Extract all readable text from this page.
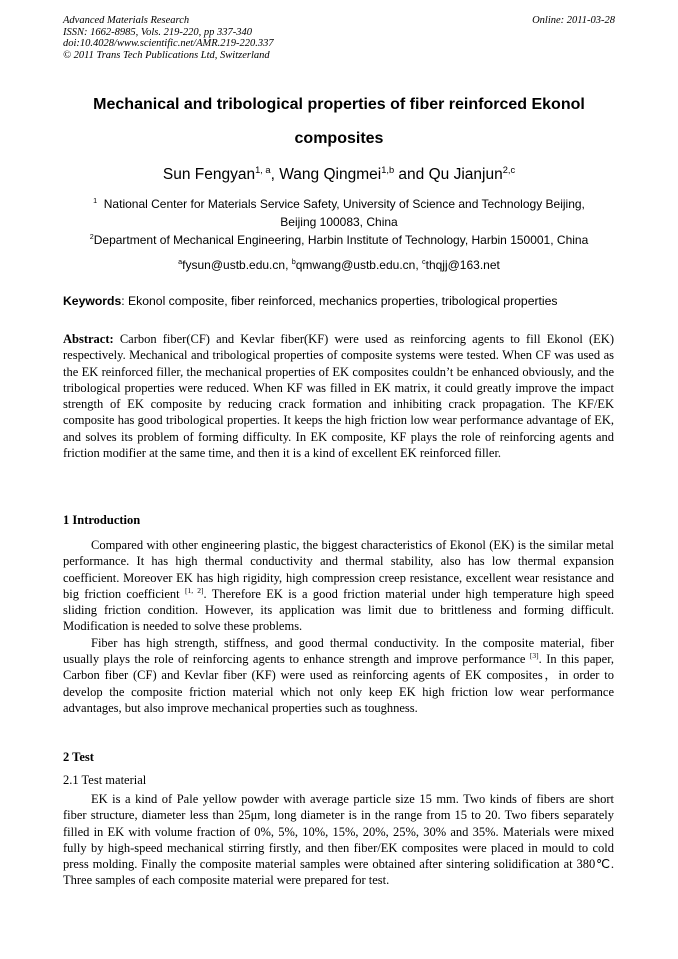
Advanced Materials Research
ISSN: 1662-8985, Vols. 219-220, pp 337-340
doi:10.4028/www.scientific.net/AMR.219-220.337
© 2011 Trans Tech Publications Ltd, Switzerland
Online: 2011-03-28
Mechanical and tribological properties of fiber reinforced Ekonol
composites
Sun Fengyan$^{1, a}$, Wang Qingmei$^{1,b}$ and Qu Jianjun$^{2,c}$
$^1$ National Center for Materials Service Safety, University of Science and Technology Beijing,
Beijing 100083, China
$^2$Department of Mechanical Engineering, Harbin Institute of Technology, Harbin 150001, China
$^a$fysun@ustb.edu.cn, $^b$qmwang@ustb.edu.cn, $^c$thqjj@163.net
Keywords: Ekonol composite, fiber reinforced, mechanics properties, tribological properties
Abstract: Carbon fiber(CF) and Kevlar fiber(KF) were used as reinforcing agents to fill Ekonol (EK) respectively. Mechanical and tribological properties of composite systems were tested. When CF was used as the EK reinforced filler, the mechanical properties of EK composites couldn’t be enhanced obviously, and the tribological properties were reduced. When KF was filled in EK matrix, it could greatly improve the impact strength of EK composite by reducing crack formation and inhibiting crack propagation. The KF/EK composite has good tribological properties. It keeps the high friction low wear performance advantage of EK, and solves its problem of forming difficulty. In EK composite, KF plays the role of reinforcing agents and friction modifier at the same time, and then it is a kind of excellent EK reinforced filler.
1 Introduction

Compared with other engineering plastic, the biggest characteristics of Ekonol (EK) is the similar metal performance. It has high thermal conductivity and thermal stability, also has low thermal expansion coefficient. Moreover EK has high rigidity, high compression creep resistance, excellent wear resistance and big friction coefficient [1, 2]. Therefore EK is a good friction material under high temperature high speed sliding friction condition. However, its application was limit due to brittleness and forming difficult. Modification is needed to solve these problems.

Fiber has high strength, stiffness, and good thermal conductivity. In the composite material, fiber usually plays the role of reinforcing agents to enhance strength and improve performance [3]. In this paper, Carbon fiber (CF) and Kevlar fiber (KF) were used as reinforcing agents of EK composites，in order to develop the composite friction material which not only keep EK high friction low wear performance advantages, but also improve mechanical properties such as toughness.

2 Test
2.1 Test material

EK is a kind of Pale yellow powder with average particle size 15 mm. Two kinds of fibers are short fiber structure, diameter less than 25μm, long diameter is in the range from 15 to 20. Two fibers separately filled in EK with volume fraction of 0%, 5%, 10%, 15%, 20%, 25%, 30% and 35%. Materials were mixed fully by high-speed mechanical stirring firstly, and then fiber/EK composites were placed in mould to cold press molding. Finally the composite material samples were obtained after sintering solidification at 380℃. Three samples of each composite material were prepared for test.
